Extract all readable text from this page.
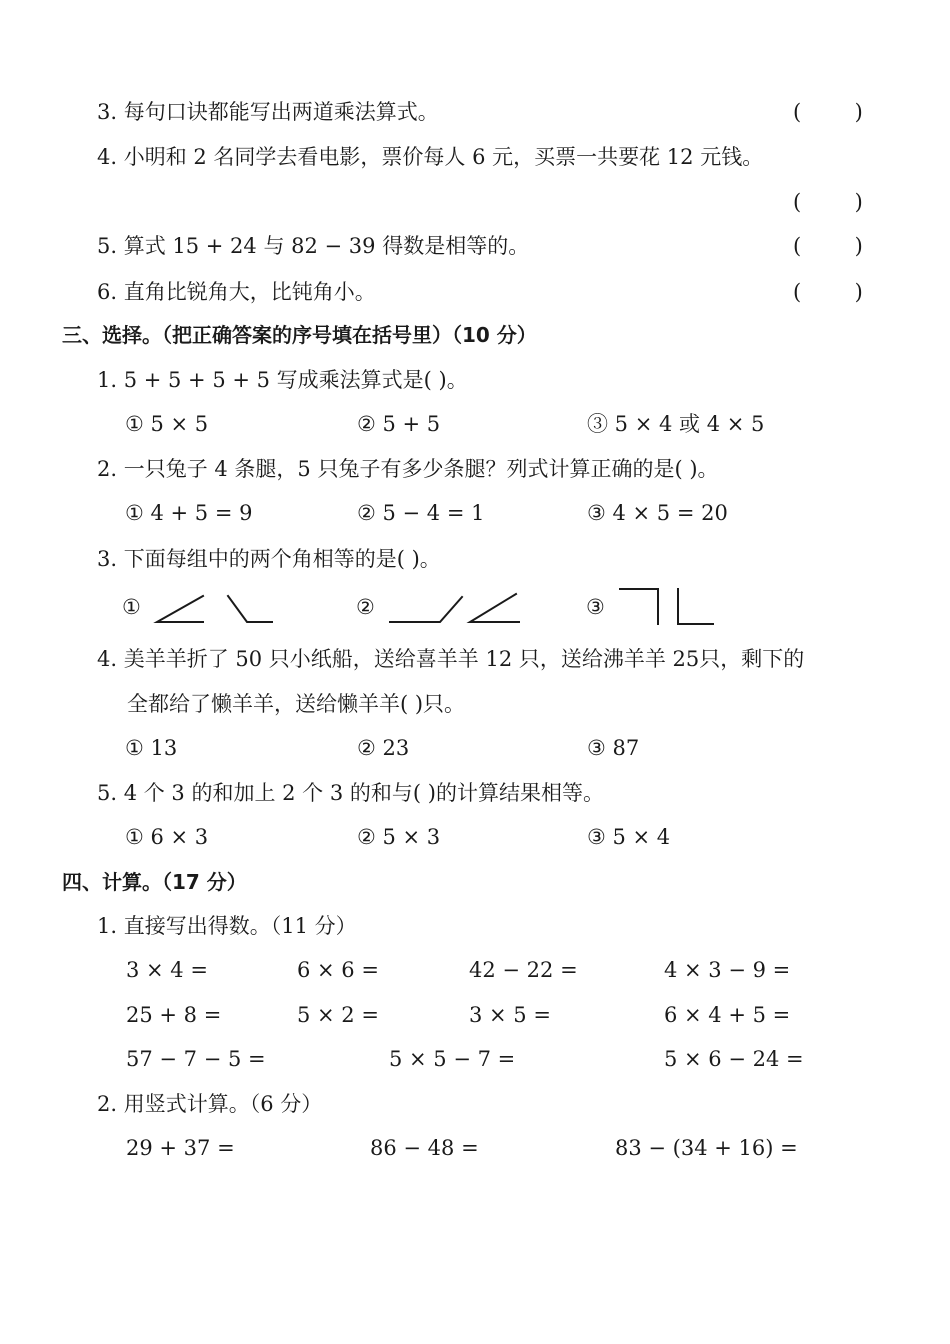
3. 每句口诀都能写出两道乘法算式。	(        )
4. 小明和 2 名同学去看电影，票价每人 6 元，买票一共要花 12 元钱。
(        )
5. 算式 15 + 24 与 82 − 39 得数是相等的。	(        )
6. 直角比锐角大，比钝角小。	(        )
三、选择。（把正确答案的序号填在括号里）（10 分）
1. 5 + 5 + 5 + 5 写成乘法算式是( )。
① 5 × 5	② 5 + 5	③ 5 × 4 或 4 × 5
2. 一只兔子 4 条腿，5 只兔子有多少条腿？列式计算正确的是( )。
① 4 + 5 = 9	② 5 − 4 = 1	③ 4 × 5 = 20
3. 下面每组中的两个角相等的是( )。
①	②	③
4. 美羊羊折了 50 只小纸船，送给喜羊羊 12 只，送给沸羊羊 25只，剩下的
全都给了懒羊羊，送给懒羊羊( )只。
① 13	② 23	③ 87
5. 4 个 3 的和加上 2 个 3 的和与( )的计算结果相等。
① 6 × 3	② 5 × 3	③ 5 × 4
四、计算。（17 分）
1. 直接写出得数。（11 分）
3 × 4 =	6 × 6 =	42 − 22 =	4 × 3 − 9 =
25 + 8 =	5 × 2 =	3 × 5 =	6 × 4 + 5 =
57 − 7 − 5 =	5 × 5 − 7 =	5 × 6 − 24 =
2. 用竖式计算。（6 分）
29 + 37 =	86 − 48 =	83 − (34 + 16) =
